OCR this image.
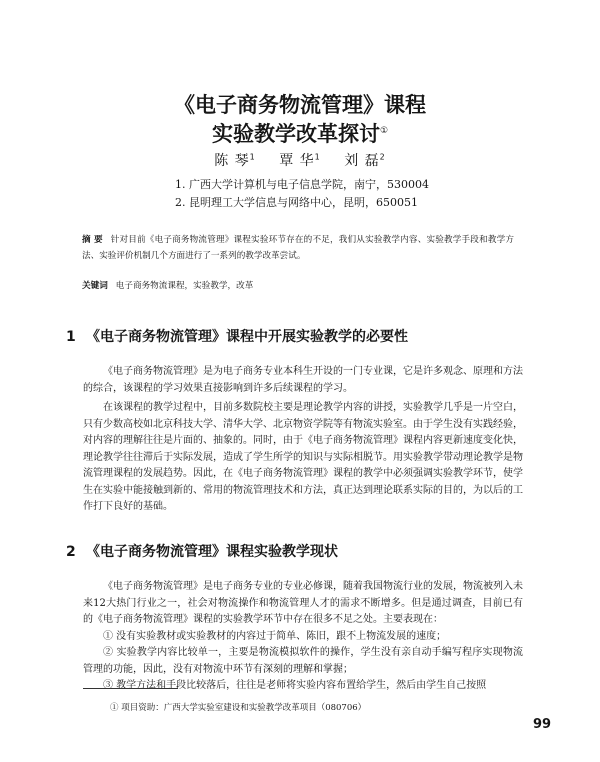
《电子商务物流管理》课程
实验教学改革探讨①
陈 琴$^1$ 覃 华$^1$ 刘 磊$^2$
1. 广西大学计算机与电子信息学院，南宁，530004
2. 昆明理工大学信息与网络中心，昆明，650051
摘 要 针对目前《电子商务物流管理》课程实验环节存在的不足，我们从实验教学内容、实验教学手段和教学方法、实验评价机制几个方面进行了一系列的教学改革尝试。
关键词 电子商务物流课程，实验教学，改革
1 《电子商务物流管理》课程中开展实验教学的必要性

《电子商务物流管理》是为电子商务专业本科生开设的一门专业课，它是许多观念、原理和方法的综合，该课程的学习效果直接影响到许多后续课程的学习。

在该课程的教学过程中，目前多数院校主要是理论教学内容的讲授，实验教学几乎是一片空白，只有少数高校如北京科技大学、清华大学、北京物资学院等有物流实验室。由于学生没有实践经验，对内容的理解往往是片面的、抽象的。同时，由于《电子商务物流管理》课程内容更新速度变化快，理论教学往往滞后于实际发展，造成了学生所学的知识与实际相脱节。用实验教学带动理论教学是物流管理课程的发展趋势。因此，在《电子商务物流管理》课程的教学中必须强调实验教学环节，使学生在实验中能接触到新的、常用的物流管理技术和方法，真正达到理论联系实际的目的，为以后的工作打下良好的基础。

2 《电子商务物流管理》课程实验教学现状

《电子商务物流管理》是电子商务专业的专业必修课，随着我国物流行业的发展，物流被列入未来12大热门行业之一，社会对物流操作和物流管理人才的需求不断增多。但是通过调查，目前已有的《电子商务物流管理》课程的实验教学环节中存在很多不足之处。主要表现在：

① 没有实验教材或实验教材的内容过于简单、陈旧，跟不上物流发展的速度；

② 实验教学内容比较单一，主要是物流模拟软件的操作，学生没有亲自动手编写程序实现物流管理的功能，因此，没有对物流中环节有深刻的理解和掌握；

③ 教学方法和手段比较落后，往往是老师将实验内容布置给学生，然后由学生自己按照

① 项目资助：广西大学实验室建设和实验教学改革项目（080706）
99
